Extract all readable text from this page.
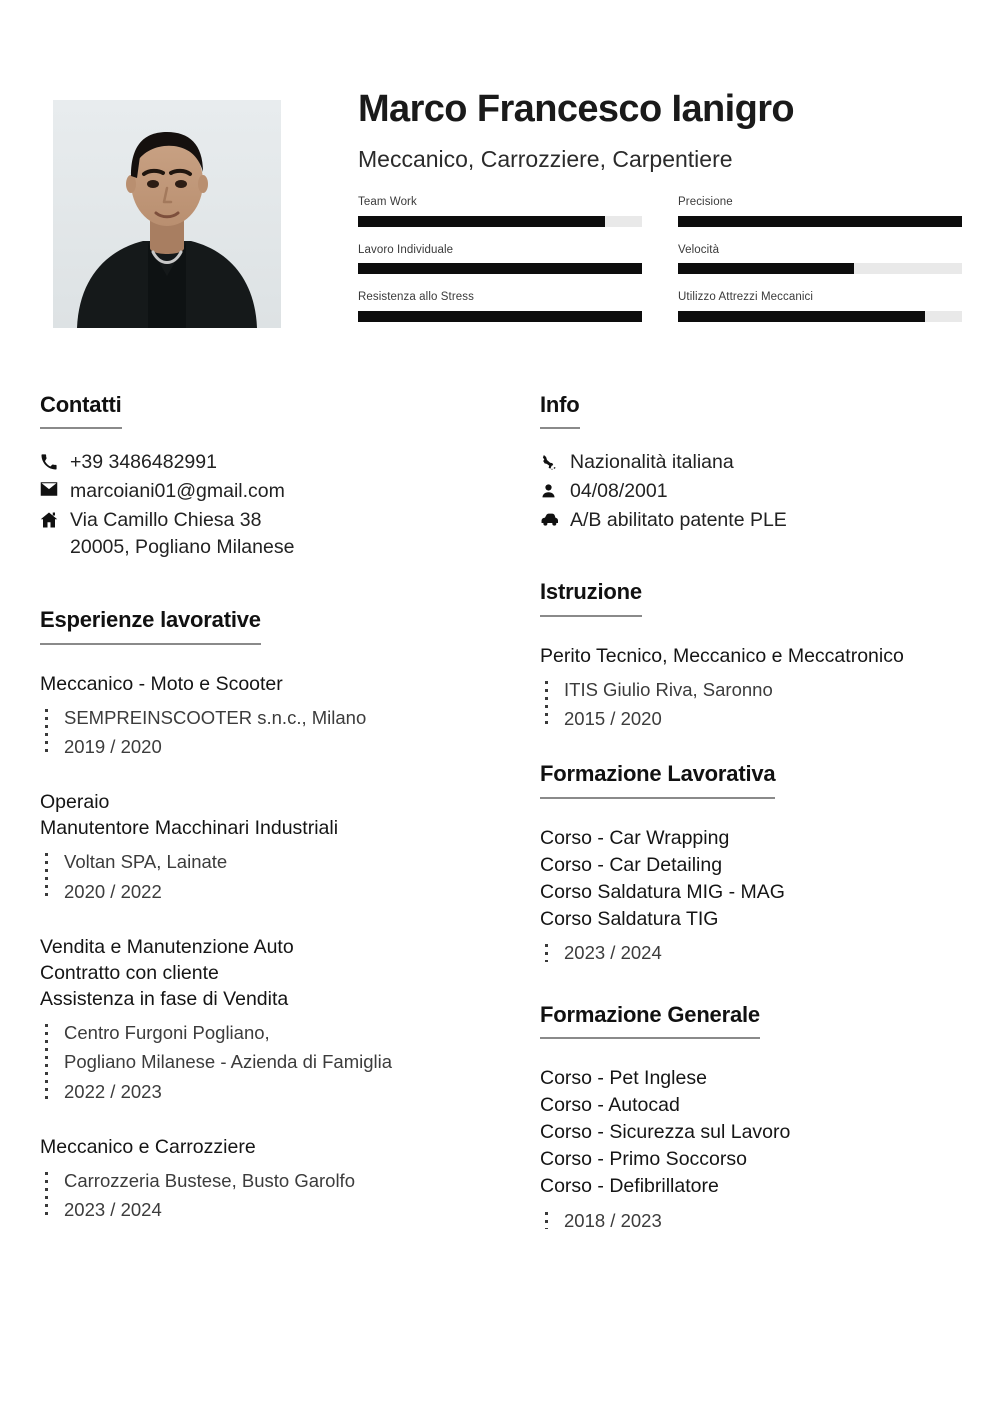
Marco Francesco Ianigro

Meccanico, Carrozziere, Carpentiere

Team Work
Lavoro Individuale
Resistenza allo Stress
Precisione
Velocità
Utilizzo Attrezzi Meccanici
Contatti
+39 3486482991
marcoiani01@gmail.com
Via Camillo Chiesa 38
20005, Pogliano Milanese
Esperienze lavorative
Meccanico - Moto e Scooter
SEMPREINSCOOTER s.n.c., Milano
2019 / 2020
Operaio
Manutentore Macchinari Industriali
Voltan SPA, Lainate
2020 / 2022
Vendita e Manutenzione Auto
Contratto con cliente
Assistenza in fase di Vendita
Centro Furgoni Pogliano,
Pogliano Milanese - Azienda di Famiglia
2022 / 2023
Meccanico e Carrozziere
Carrozzeria Bustese, Busto Garolfo
2023 / 2024
Info
Nazionalità italiana
04/08/2001
A/B abilitato patente PLE
Istruzione
Perito Tecnico, Meccanico e Meccatronico
ITIS Giulio Riva, Saronno
2015 / 2020
Formazione Lavorativa
Corso - Car Wrapping
Corso - Car Detailing
Corso Saldatura MIG - MAG
Corso Saldatura TIG
2023 / 2024
Formazione Generale
Corso - Pet Inglese
Corso - Autocad
Corso - Sicurezza sul Lavoro
Corso - Primo Soccorso
Corso - Defibrillatore
2018 / 2023
